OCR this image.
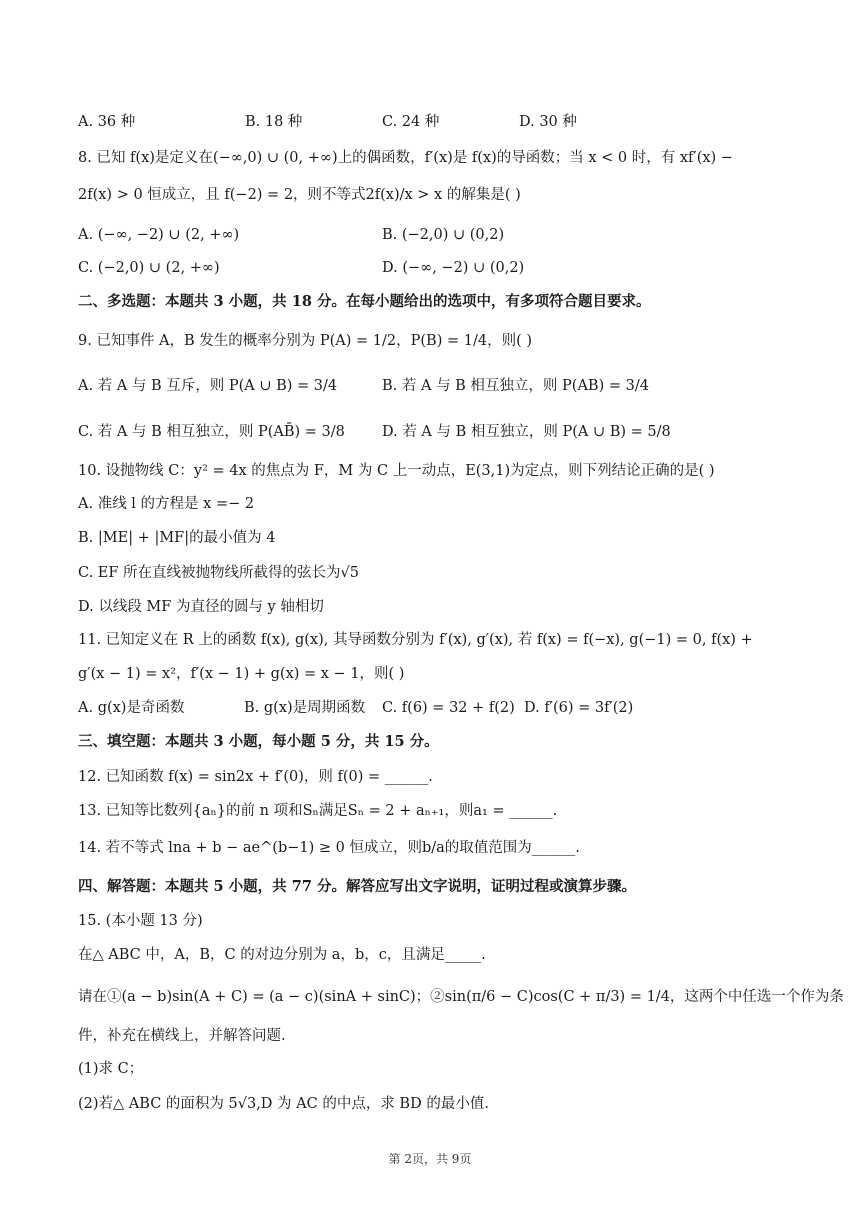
A. 36 种	B. 18 种	C. 24 种	D. 30 种
8. 已知 f(x)是定义在(−∞,0) ∪ (0, +∞)上的偶函数，f′(x)是 f(x)的导函数；当 x < 0 时，有 xf′(x) −
2f(x) > 0 恒成立，且 f(−2) = 2，则不等式2f(x)/x > x 的解集是( )
A. (−∞, −2) ∪ (2, +∞)	B. (−2,0) ∪ (0,2)
C. (−2,0) ∪ (2, +∞)	D. (−∞, −2) ∪ (0,2)
二、多选题：本题共 3 小题，共 18 分。在每小题给出的选项中，有多项符合题目要求。
9. 已知事件 A，B 发生的概率分别为 P(A) = 1/2，P(B) = 1/4，则( )
A. 若 A 与 B 互斥，则 P(A ∪ B) = 3/4	B. 若 A 与 B 相互独立，则 P(AB) = 3/4
C. 若 A 与 B 相互独立，则 P(AB̄) = 3/8	D. 若 A 与 B 相互独立，则 P(A ∪ B) = 5/8
10. 设抛物线 C：y² = 4x 的焦点为 F，M 为 C 上一动点，E(3,1)为定点，则下列结论正确的是( )
A. 准线 l 的方程是 x =− 2
B. |ME| + |MF|的最小值为 4
C. EF 所在直线被抛物线所截得的弦长为√5
D. 以线段 MF 为直径的圆与 y 轴相切
11. 已知定义在 R 上的函数 f(x), g(x), 其导函数分别为 f′(x), g′(x), 若 f(x) = f(−x), g(−1) = 0, f(x) +
g′(x − 1) = x²，f′(x − 1) + g(x) = x − 1，则( )
A. g(x)是奇函数	B. g(x)是周期函数 C. f(6) = 32 + f(2) D. f′(6) = 3f′(2)
三、填空题：本题共 3 小题，每小题 5 分，共 15 分。
12. 已知函数 f(x) = sin2x + f′(0)，则 f(0) = ______.
13. 已知等比数列{aₙ}的前 n 项和Sₙ满足Sₙ = 2 + aₙ₊₁，则a₁ = ______.
14. 若不等式 lna + b − ae^(b−1) ≥ 0 恒成立，则b/a的取值范围为______.
四、解答题：本题共 5 小题，共 77 分。解答应写出文字说明，证明过程或演算步骤。
15. (本小题 13 分)
在△ ABC 中，A，B，C 的对边分别为 a，b，c，且满足_____.
请在①(a − b)sin(A + C) = (a − c)(sinA + sinC)；②sin(π/6 − C)cos(C + π/3) = 1/4，这两个中任选一个作为条
件，补充在横线上，并解答问题.
(1)求 C；
(2)若△ ABC 的面积为 5√3,D 为 AC 的中点，求 BD 的最小值.
第 2页，共 9页
